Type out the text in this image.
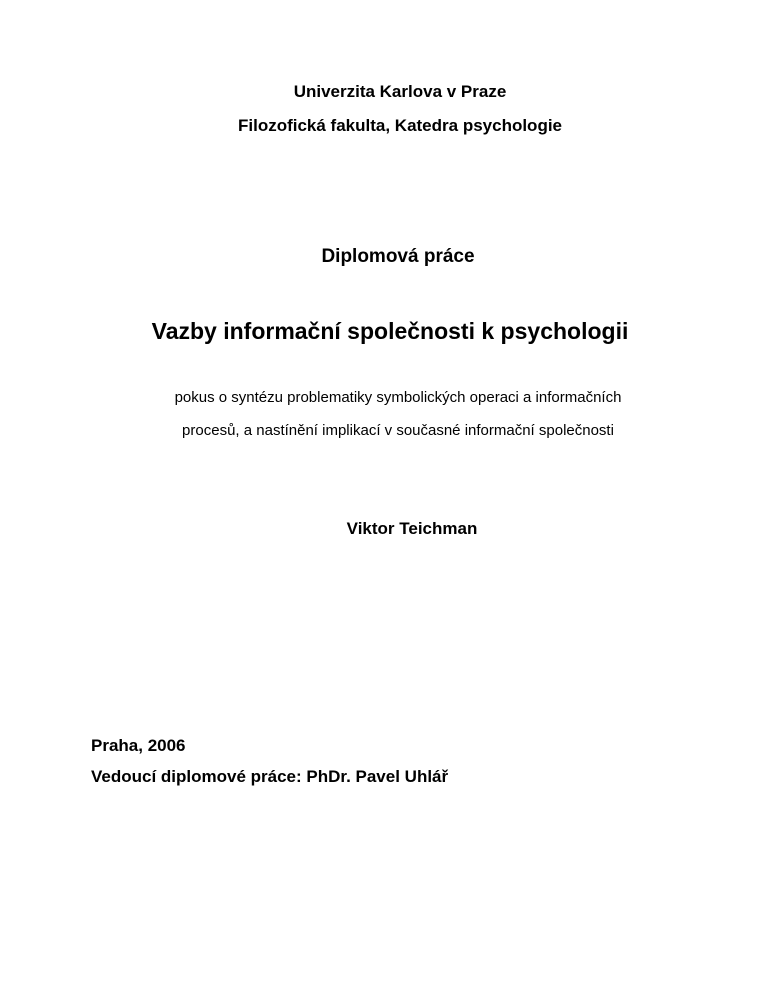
Univerzita Karlova v Praze
Filozofická fakulta, Katedra psychologie
Diplomová práce
Vazby informační společnosti k psychologii
pokus o syntézu problematiky symbolických operaci a informačních
procesů, a nastínění implikací v současné informační společnosti
Viktor Teichman
Praha, 2006
Vedoucí diplomové práce: PhDr. Pavel Uhlář
